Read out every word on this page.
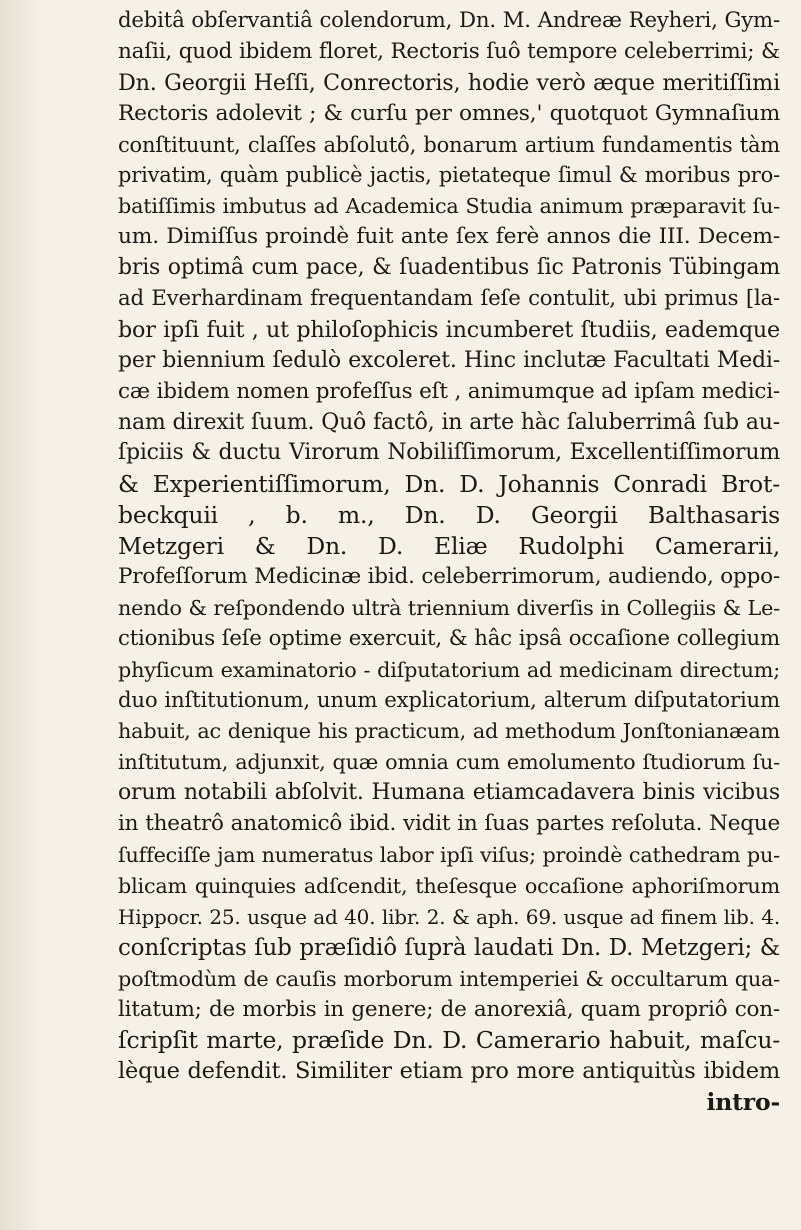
debitâ obſervantiâ colendorum, Dn. M. Andreæ Reyheri, Gym-
naſii, quod ibidem floret, Rectoris ſuô tempore celeberrimi; &
Dn. Georgii Heſſi, Conrectoris, hodie verò æque meritiſſimi
Rectoris adolevit ; & curſu per omnes,' quotquot Gymnaſium
conſtituunt, claſſes abſolutô, bonarum artium fundamentis tàm
privatim, quàm publicè jactis, pietateque ſimul & moribus pro-
batiſſimis imbutus ad Academica Studia animum præparavit ſu-
um. Dimiſſus proindè fuit ante ſex ferè annos die III. Decem-
bris optimâ cum pace, & ſuadentibus ſic Patronis Tübingam
ad Everhardinam frequentandam ſeſe contulit, ubi primus [la-
bor ipſi fuit , ut philoſophicis incumberet ſtudiis, eademque
per biennium ſedulò excoleret. Hinc inclutæ Facultati Medi-
cæ ibidem nomen profeſſus eſt , animumque ad ipſam medici-
nam direxit ſuum. Quô factô, in arte hàc ſaluberrimâ ſub au-
ſpiciis & ductu Virorum Nobiliſſimorum, Excellentiſſimorum
& Experientiſſimorum, Dn. D. Johannis Conradi Brot-
beckquii , b. m., Dn. D. Georgii Balthasaris
Metzgeri & Dn. D. Eliæ Rudolphi Camerarii,
Profeſſorum Medicinæ ibid. celeberrimorum, audiendo, oppo-
nendo & reſpondendo ultrà triennium diverſis in Collegiis & Le-
ctionibus ſeſe optime exercuit, & hâc ipsâ occaſione collegium
phyſicum examinatorio - diſputatorium ad medicinam directum;
duo inſtitutionum, unum explicatorium, alterum diſputatorium
habuit, ac denique his practicum, ad methodum Jonſtonianæam
inſtitutum, adjunxit, quæ omnia cum emolumento ſtudiorum ſu-
orum notabili abſolvit. Humana etiamcadavera binis vicibus
in theatrô anatomicô ibid. vidit in ſuas partes reſoluta. Neque
ſuffeciſſe jam numeratus labor ipſi viſus; proindè cathedram pu-
blicam quinquies adſcendit, theſesque occaſione aphoriſmorum
Hippocr. 25. usque ad 40. libr. 2. & aph. 69. usque ad finem lib. 4.
conſcriptas ſub præſidiô ſuprà laudati Dn. D. Metzgeri; &
poſtmodùm de cauſis morborum intemperiei & occultarum qua-
litatum; de morbis in genere; de anorexiâ, quam propriô con-
ſcripſit marte, præſide Dn. D. Camerario habuit, maſcu-
lèque defendit. Similiter etiam pro more antiquitùs ibidem
intro-
